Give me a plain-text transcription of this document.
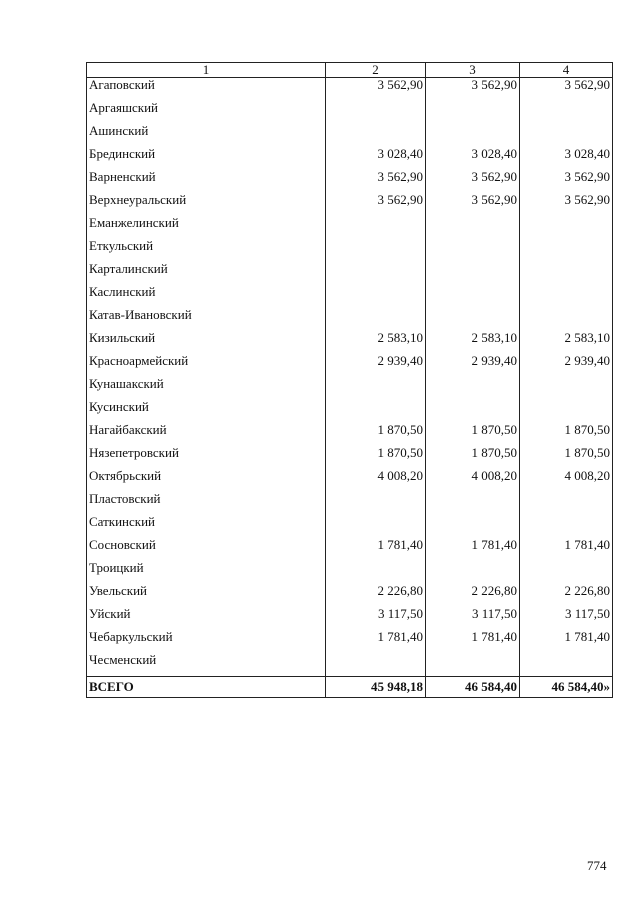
1	2	3	4
Агаповский	3 562,90	3 562,90	3 562,90
Аргаяшский			
Ашинский			
Брединский	3 028,40	3 028,40	3 028,40
Варненский	3 562,90	3 562,90	3 562,90
Верхнеуральский	3 562,90	3 562,90	3 562,90
Еманжелинский			
Еткульский			
Карталинский			
Каслинский			
Катав-Ивановский			
Кизильский	2 583,10	2 583,10	2 583,10
Красноармейский	2 939,40	2 939,40	2 939,40
Кунашакский			
Кусинский			
Нагайбакский	1 870,50	1 870,50	1 870,50
Нязепетровский	1 870,50	1 870,50	1 870,50
Октябрьский	4 008,20	4 008,20	4 008,20
Пластовский			
Саткинский			
Сосновский	1 781,40	1 781,40	1 781,40
Троицкий			
Увельский	2 226,80	2 226,80	2 226,80
Уйский	3 117,50	3 117,50	3 117,50
Чебаркульский	1 781,40	1 781,40	1 781,40
Чесменский			
ВСЕГО	45 948,18	46 584,40	46 584,40»
774
